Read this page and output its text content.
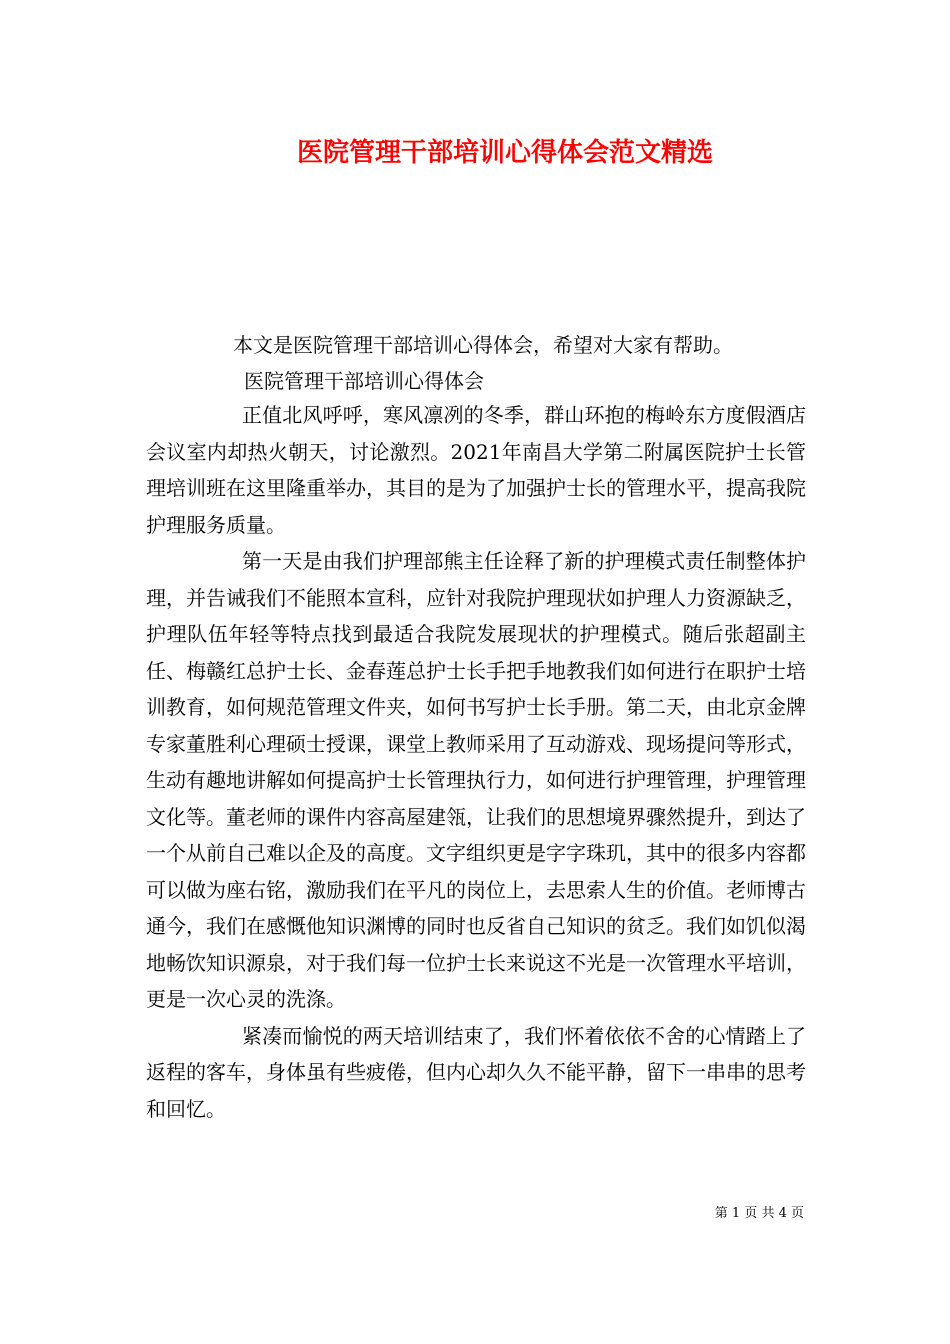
医院管理干部培训心得体会范文精选
本文是医院管理干部培训心得体会，希望对大家有帮助。
医院管理干部培训心得体会

正值北风呼呼，寒风凛冽的冬季，群山环抱的梅岭东方度假酒店会议室内却热火朝天，讨论激烈。2021年南昌大学第二附属医院护士长管理培训班在这里隆重举办，其目的是为了加强护士长的管理水平，提高我院护理服务质量。

第一天是由我们护理部熊主任诠释了新的护理模式责任制整体护理，并告诫我们不能照本宣科，应针对我院护理现状如护理人力资源缺乏，护理队伍年轻等特点找到最适合我院发展现状的护理模式。随后张超副主任、梅赣红总护士长、金春莲总护士长手把手地教我们如何进行在职护士培训教育，如何规范管理文件夹，如何书写护士长手册。第二天，由北京金牌专家董胜利心理硕士授课，课堂上教师采用了互动游戏、现场提问等形式，生动有趣地讲解如何提高护士长管理执行力，如何进行护理管理，护理管理文化等。董老师的课件内容高屋建瓴，让我们的思想境界骤然提升，到达了一个从前自己难以企及的高度。文字组织更是字字珠玑，其中的很多内容都可以做为座右铭，激励我们在平凡的岗位上，去思索人生的价值。老师博古通今，我们在感慨他知识渊博的同时也反省自己知识的贫乏。我们如饥似渴地畅饮知识源泉，对于我们每一位护士长来说这不光是一次管理水平培训，更是一次心灵的洗涤。

紧凑而愉悦的两天培训结束了，我们怀着依依不舍的心情踏上了返程的客车，身体虽有些疲倦，但内心却久久不能平静，留下一串串的思考和回忆。

第 1 页 共 4 页
